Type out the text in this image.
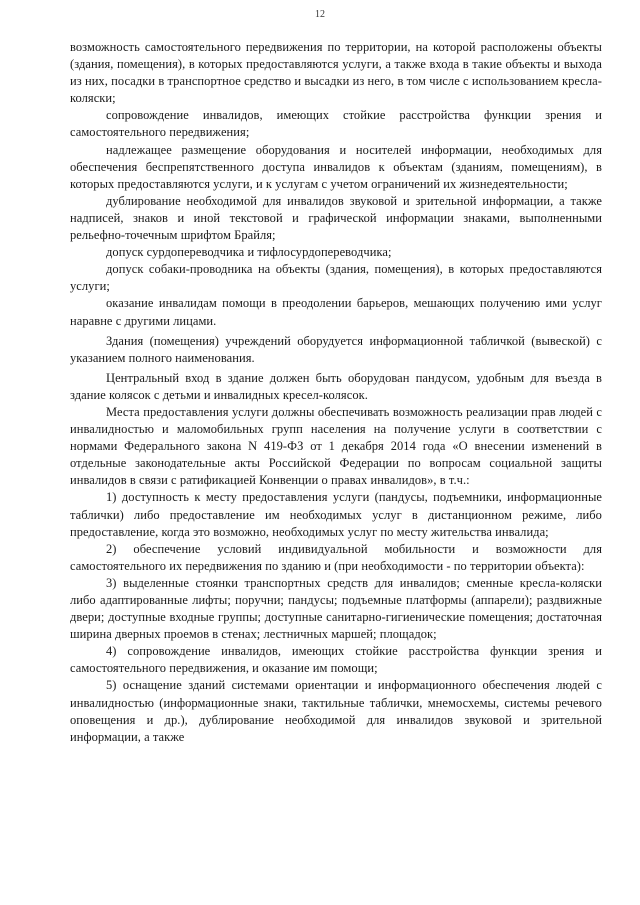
12

возможность самостоятельного передвижения по территории, на которой расположены объекты (здания, помещения), в которых предоставляются услуги, а также входа в такие объекты и выхода из них, посадки в транспортное средство и высадки из него, в том числе с использованием кресла-коляски;

сопровождение инвалидов, имеющих стойкие расстройства функции зрения и самостоятельного передвижения;

надлежащее размещение оборудования и носителей информации, необходимых для обеспечения беспрепятственного доступа инвалидов к объектам (зданиям, помещениям), в которых предоставляются услуги, и к услугам с учетом ограничений их жизнедеятельности;

дублирование необходимой для инвалидов звуковой и зрительной информации, а также надписей, знаков и иной текстовой и графической информации знаками, выполненными рельефно-точечным шрифтом Брайля;

допуск сурдопереводчика и тифлосурдопереводчика;

допуск собаки-проводника на объекты (здания, помещения), в которых предоставляются услуги;

оказание инвалидам помощи в преодолении барьеров, мешающих получению ими услуг наравне с другими лицами.

Здания (помещения) учреждений оборудуется информационной табличкой (вывеской) с указанием полного наименования.

Центральный вход в здание должен быть оборудован пандусом, удобным для въезда в здание колясок с детьми и инвалидных кресел-колясок.

Места предоставления услуги должны обеспечивать возможность реализации прав людей с инвалидностью и маломобильных групп населения на получение услуги в соответствии с нормами Федерального закона N 419-ФЗ от 1 декабря 2014 года «О внесении изменений в отдельные законодательные акты Российской Федерации по вопросам социальной защиты инвалидов в связи с ратификацией Конвенции о правах инвалидов», в т.ч.:

1) доступность к месту предоставления услуги (пандусы, подъемники, информационные таблички) либо предоставление им необходимых услуг в дистанционном режиме, либо предоставление, когда это возможно, необходимых услуг по месту жительства инвалида;

2) обеспечение условий индивидуальной мобильности и возможности для самостоятельного их передвижения по зданию и (при необходимости - по территории объекта):

3) выделенные стоянки транспортных средств для инвалидов; сменные кресла-коляски либо адаптированные лифты; поручни; пандусы; подъемные платформы (аппарели); раздвижные двери; доступные входные группы; доступные санитарно-гигиенические помещения; достаточная ширина дверных проемов в стенах; лестничных маршей; площадок;

4) сопровождение инвалидов, имеющих стойкие расстройства функции зрения и самостоятельного передвижения, и оказание им помощи;

5) оснащение зданий системами ориентации и информационного обеспечения людей с инвалидностью (информационные знаки, тактильные таблички, мнемосхемы, системы речевого оповещения и др.), дублирование необходимой для инвалидов звуковой и зрительной информации, а также
